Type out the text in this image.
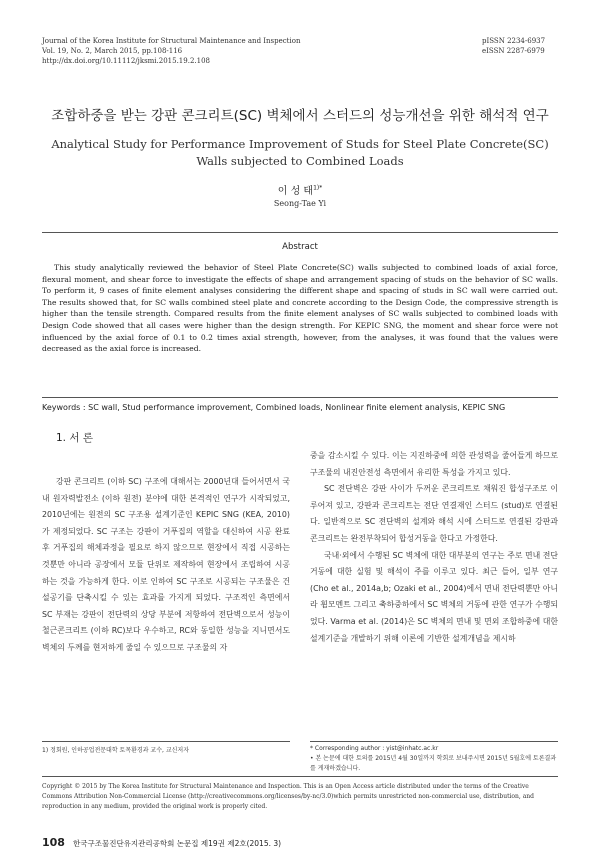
Journal of the Korea Institute for Structural Maintenance and Inspection
Vol. 19, No. 2, March 2015, pp.108-116
http://dx.doi.org/10.11112/jksmi.2015.19.2.108
pISSN 2234-6937
eISSN 2287-6979
조합하중을 받는 강판 콘크리트(SC) 벽체에서 스터드의 성능개선을 위한 해석적 연구
Analytical Study for Performance Improvement of Studs for Steel Plate Concrete(SC) Walls subjected to Combined Loads
이 성 태$^{1)*}$
Seong-Tae Yi
Abstract
This study analytically reviewed the behavior of Steel Plate Concrete(SC) walls subjected to combined loads of axial force, flexural moment, and shear force to investigate the effects of shape and arrangement spacing of studs on the behavior of SC walls. To perform it, 9 cases of finite element analyses considering the different shape and spacing of studs in SC wall were carried out. The results showed that, for SC walls combined steel plate and concrete according to the Design Code, the compressive strength is higher than the tensile strength. Compared results from the finite element analyses of SC walls subjected to combined loads with Design Code showed that all cases were higher than the design strength. For KEPIC SNG, the moment and shear force were not influenced by the axial force of 0.1 to 0.2 times axial strength, however, from the analyses, it was found that the values were decreased as the axial force is increased.
Keywords : SC wall, Stud performance improvement, Combined loads, Nonlinear finite element analysis, KEPIC SNG
1. 서 론

강판 콘크리트 (이하 SC) 구조에 대해서는 2000년대 들어서면서 국내 원자력발전소 (이하 원전) 분야에 대한 본격적인 연구가 시작되었고, 2010년에는 원전의 SC 구조용 설계기준인 KEPIC SNG (KEA, 2010)가 제정되었다. SC 구조는 강판이 거푸집의 역할을 대신하여 시공 완료 후 거푸집의 해체과정을 필요로 하지 않으므로 현장에서 직접 시공하는 것뿐만 아니라 공장에서 모듈 단위로 제작하여 현장에서 조립하여 시공하는 것을 가능하게 한다. 이로 인하여 SC 구조로 시공되는 구조물은 건설공기를 단축시킬 수 있는 효과를 가지게 되었다. 구조적인 측면에서 SC 부재는 강판이 전단력의 상당 부분에 저항하여 전단벽으로서 성능이 철근콘크리트 (이하 RC)보다 우수하고, RC와 동일한 성능을 지니면서도 벽체의 두께를 현저하게 줄일 수 있으므로 구조물의 자

중을 감소시킬 수 있다. 이는 지진하중에 의한 관성력을 줄어들게 하므로 구조물의 내진안전성 측면에서 유리한 특성을 가지고 있다.

SC 전단벽은 강판 사이가 두꺼운 콘크리트로 채워진 합성구조로 이루어져 있고, 강판과 콘크리트는 전단 연결재인 스터드 (stud)로 연결된다. 일반적으로 SC 전단벽의 설계와 해석 시에 스터드로 연결된 강판과 콘크리트는 완전부착되어 합성거동을 한다고 가정한다.

국내·외에서 수행된 SC 벽체에 대한 대부분의 연구는 주로 면내 전단거동에 대한 실험 및 해석이 주를 이루고 있다. 최근 들어, 일부 연구 (Cho et al., 2014a,b; Ozaki et al., 2004)에서 면내 전단력뿐만 아니라 휨모멘트 그리고 축하중하에서 SC 벽체의 거동에 관한 연구가 수행되었다. Varma et al. (2014)은 SC 벽체의 면내 및 면외 조합하중에 대한 설계기준을 개발하기 위해 이론에 기반한 설계개념을 제시하

1) 정회원, 인하공업전문대학 토목환경과 교수, 교신저자	* Corresponding author : yist@inhatc.ac.kr
• 본 논문에 대한 토의를 2015년 4월 30일까지 학회로 보내주시면 2015년 5월호에 토론결과를 게재하겠습니다.
Copyright © 2015 by The Korea Institute for Structural Maintenance and Inspection. This is an Open Access article distributed under the terms of the Creative Commons Attribution Non-Commercial License (http://creativecommons.org/licenses/by-nc/3.0)which permits unrestricted non-commercial use, distribution, and reproduction in any medium, provided the original work is properly cited.
108 한국구조물진단유지관리공학회 논문집 제19권 제2호(2015. 3)
